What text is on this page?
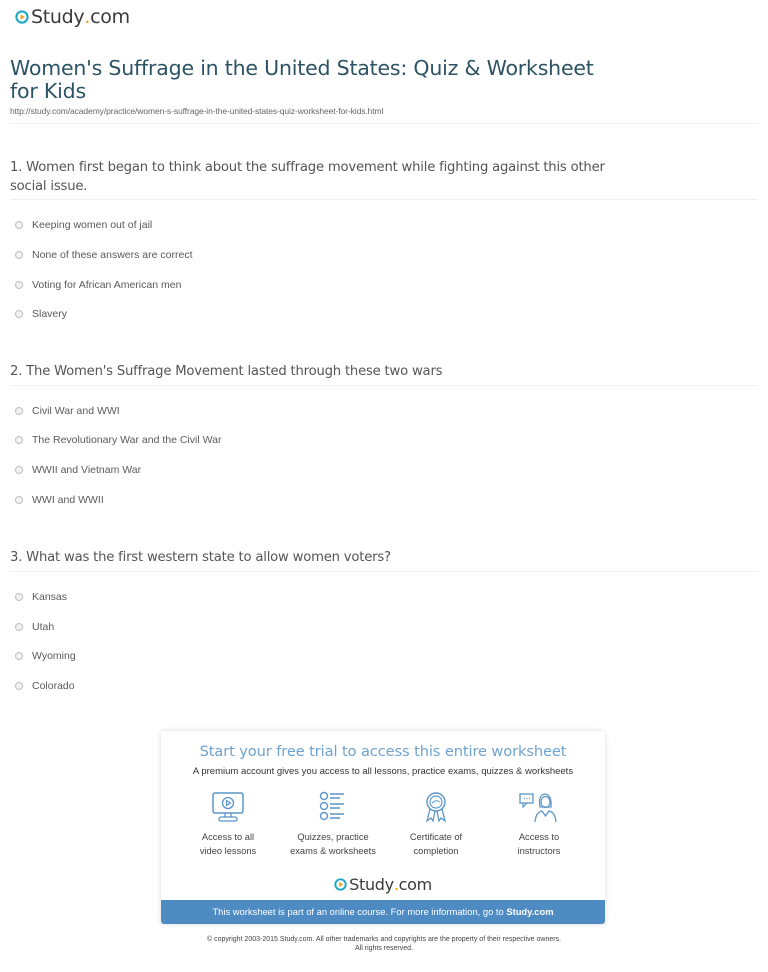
Study . com
Women's Suffrage in the United States: Quiz & Worksheet for Kids
http://study.com/academy/practice/women-s-suffrage-in-the-united-states-quiz-worksheet-for-kids.html
1. Women first began to think about the suffrage movement while fighting against this other social issue.
Keeping women out of jail
None of these answers are correct
Voting for African American men
Slavery
2. The Women's Suffrage Movement lasted through these two wars
Civil War and WWI
The Revolutionary War and the Civil War
WWII and Vietnam War
WWI and WWII
3. What was the first western state to allow women voters?
Kansas
Utah
Wyoming
Colorado
Start your free trial to access this entire worksheet
A premium account gives you access to all lessons, practice exams, quizzes & worksheets
Access to all
video lessons
Quizzes, practice
exams & worksheets
Certificate of
completion
Access to
instructors
Study . com
This worksheet is part of an online course. For more information, go to Study.com
© copyright 2003-2015 Study.com. All other trademarks and copyrights are the property of their respective owners.
All rights reserved.
